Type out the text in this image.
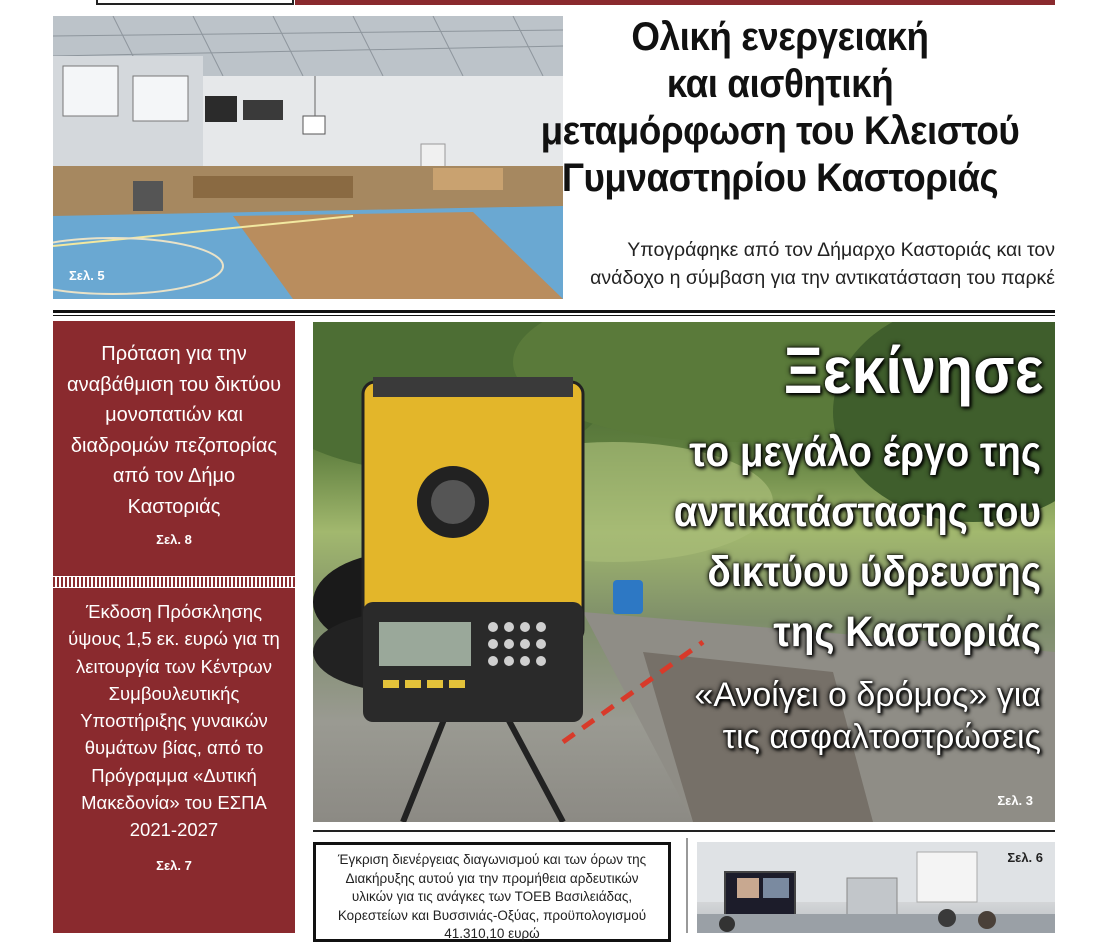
Σελ. 5
Ολική ενεργειακή
και αισθητική
μεταμόρφωση του Κλειστού
Γυμναστηρίου Καστοριάς
Υπογράφηκε από τον Δήμαρχο Καστοριάς και τον
ανάδοχο η σύμβαση για την αντικατάσταση του παρκέ
Πρόταση για την αναβάθμιση του δικτύου μονοπατιών και διαδρομών πεζοπορίας από τον Δήμο Καστοριάς
Σελ. 8
Έκδοση Πρόσκλησης ύψους 1,5 εκ. ευρώ για τη λειτουργία των Κέντρων Συμβουλευτικής Υποστήριξης γυναικών θυμάτων βίας, από το Πρόγραμμα «Δυτική Μακεδονία» του ΕΣΠΑ 2021-2027
Σελ. 7
Ξεκίνησε
το μεγάλο έργο της
αντικατάστασης του
δικτύου ύδρευσης
της Καστοριάς
«Ανοίγει ο δρόμος» για
τις ασφαλτοστρώσεις
Σελ. 3
Έγκριση διενέργειας διαγωνισμού και των όρων της Διακήρυξης αυτού για την προμήθεια αρδευτικών υλικών για τις ανάγκες των ΤΟΕΒ Βασιλειάδας, Κορεστείων και Βυσσινιάς-Οξύας, προϋπολογισμού 41.310,10 ευρώ
Σελ. 6
